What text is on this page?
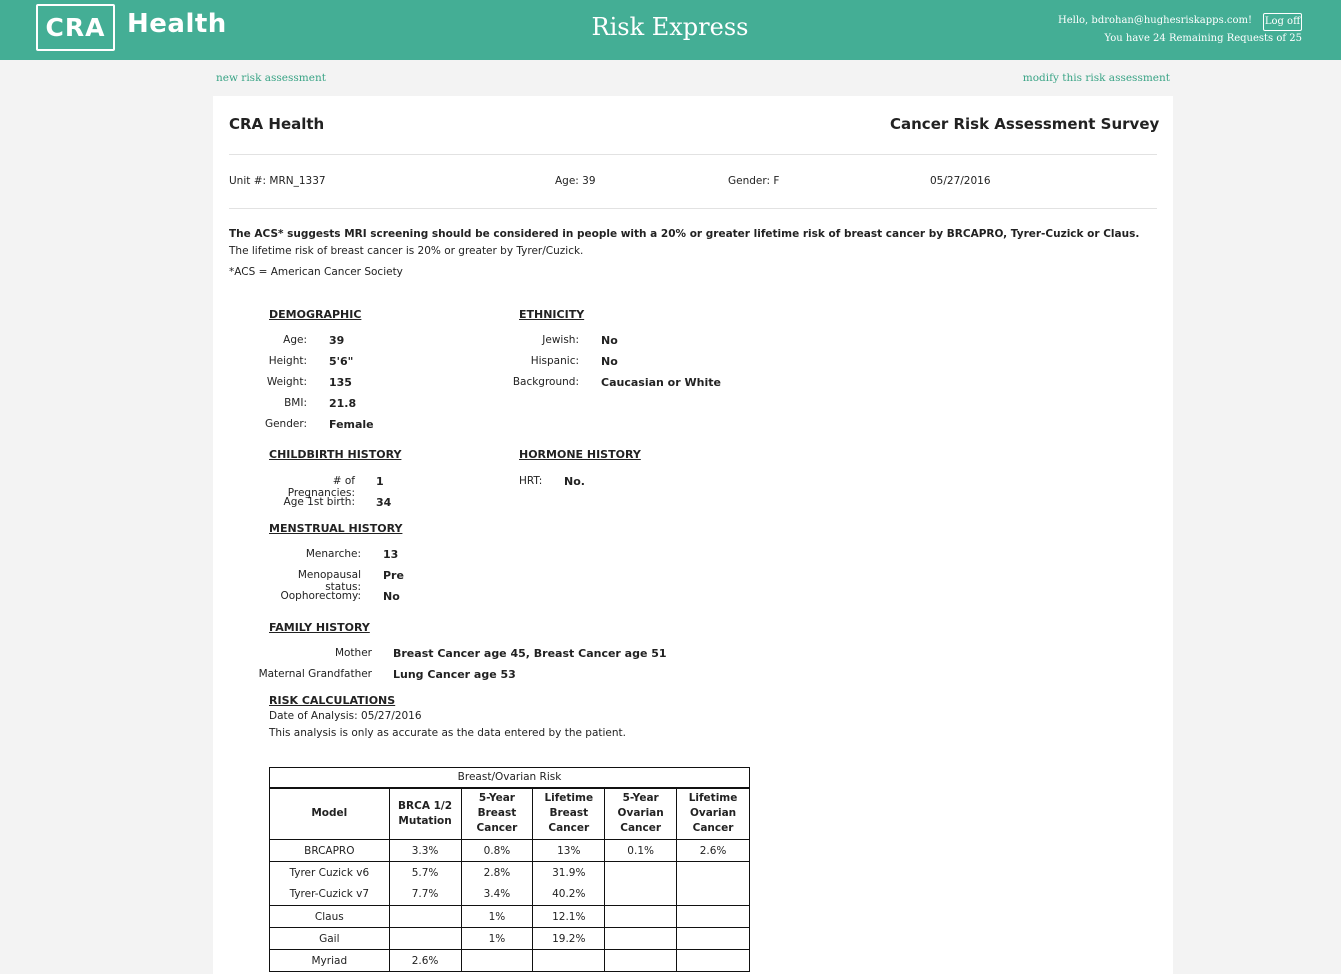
CRA Health	Risk Express	Hello, bdrohan@hughesriskapps.com! Log off
You have 24 Remaining Requests of 25
new risk assessment	modify this risk assessment
CRA Health	Cancer Risk Assessment Survey
Unit #: MRN_1337	Age: 39	Gender: F	05/27/2016
The ACS* suggests MRI screening should be considered in people with a 20% or greater lifetime risk of breast cancer by BRCAPRO, Tyrer-Cuzick or Claus.
The lifetime risk of breast cancer is 20% or greater by Tyrer/Cuzick.
*ACS = American Cancer Society
DEMOGRAPHIC
Age: 39
Height: 5'6"
Weight: 135
BMI: 21.8
Gender: Female
ETHNICITY
Jewish: No
Hispanic: No
Background: Caucasian or White
CHILDBIRTH HISTORY
# of Pregnancies:
1
Age 1st birth: 34
HORMONE HISTORY
HRT: No.
MENSTRUAL HISTORY
Menarche: 13
Menopausal status:
Pre
Oophorectomy: No
FAMILY HISTORY
Mother Breast Cancer age 45, Breast Cancer age 51
Maternal Grandfather Lung Cancer age 53
RISK CALCULATIONS
Date of Analysis: 05/27/2016
This analysis is only as accurate as the data entered by the patient.
Breast/Ovarian Risk					
Model	BRCA 1/2 Mutation	5-Year Breast Cancer	Lifetime Breast Cancer	5-Year Ovarian Cancer	Lifetime Ovarian Cancer
BRCAPRO	3.3%	0.8%	13%	0.1%	2.6%
Tyrer Cuzick v6	5.7%	2.8%	31.9%		
Tyrer-Cuzick v7	7.7%	3.4%	40.2%		
Claus		1%	12.1%		
Gail		1%	19.2%		
Myriad	2.6%				
